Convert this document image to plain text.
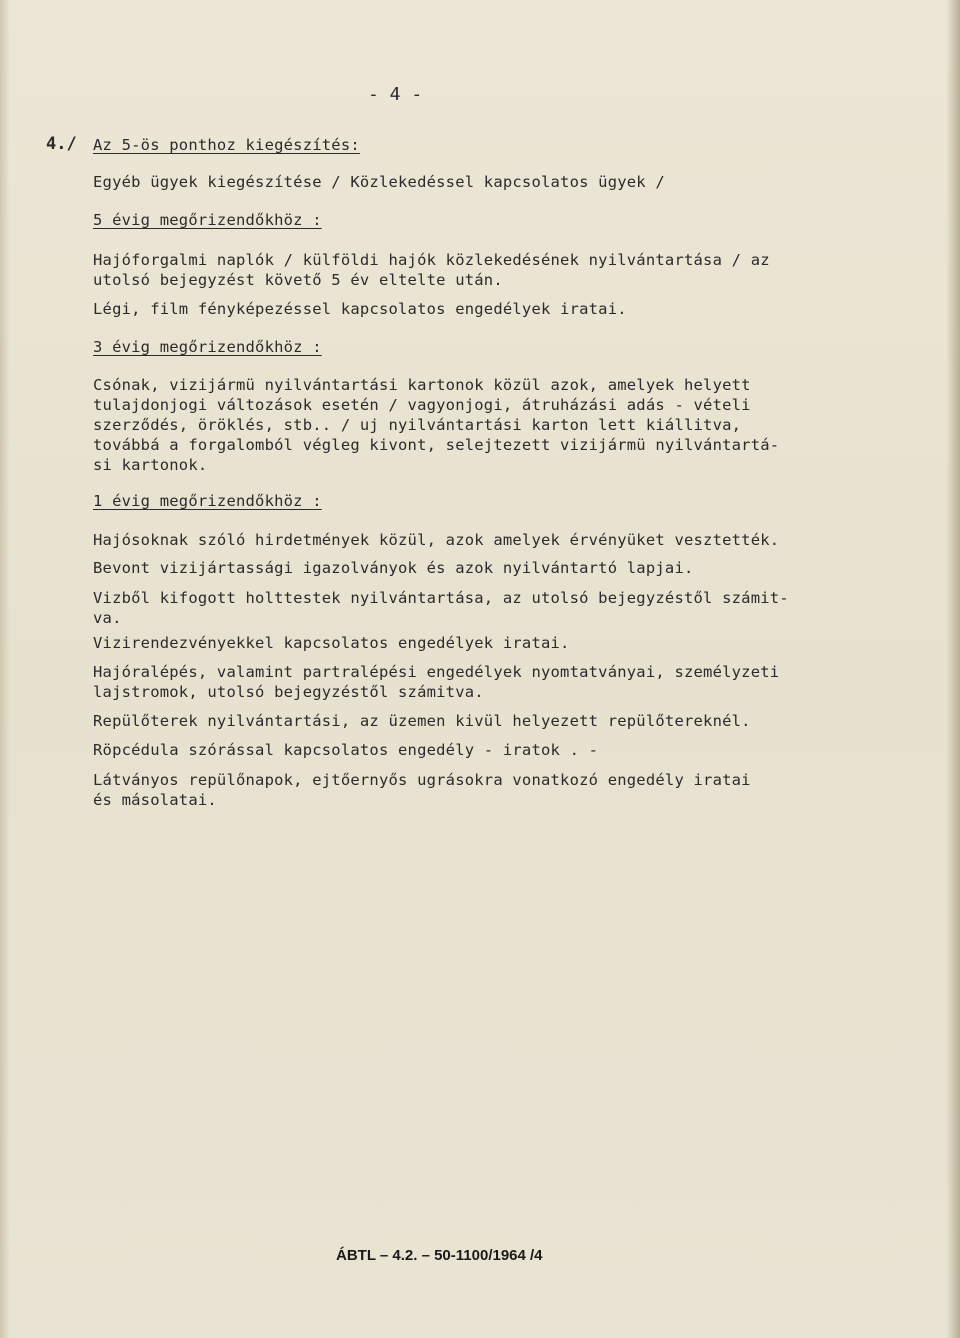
- 4 -
4./ Az 5-ös ponthoz kiegészítés:
Egyéb ügyek kiegészítése / Közlekedéssel kapcsolatos ügyek /
5 évig megőrizendőkhöz :
Hajóforgalmi naplók / külföldi hajók közlekedésének nyilvántartása / az
utolsó bejegyzést követő 5 év eltelte után.
Légi, film fényképezéssel kapcsolatos engedélyek iratai.
3 évig megőrizendőkhöz :
Csónak, vizijármü nyilvántartási kartonok közül azok, amelyek helyett
tulajdonjogi változások esetén / vagyonjogi, átruházási adás - vételi
szerződés, öröklés, stb.. / uj nyilvántartási karton lett kiállitva,
továbbá a forgalomból végleg kivont, selejtezett vizijármü nyilvántartá-
si kartonok.
1 évig megőrizendőkhöz :
Hajósoknak szóló hirdetmények közül, azok amelyek érvényüket vesztették.
Bevont vizijártassági igazolványok és azok nyilvántartó lapjai.
Vizből kifogott holttestek nyilvántartása, az utolsó bejegyzéstől számit-
va.
Vizirendezvényekkel kapcsolatos engedélyek iratai.
Hajóralépés, valamint partralépési engedélyek nyomtatványai, személyzeti
lajstromok, utolsó bejegyzéstől számitva.
Repülőterek nyilvántartási, az üzemen kivül helyezett repülőtereknél.
Röpcédula szórással kapcsolatos engedély - iratok . -
Látványos repülőnapok, ejtőernyős ugrásokra vonatkozó engedély iratai
és másolatai.
ÁBTL – 4.2. – 50-1100/1964 /4
